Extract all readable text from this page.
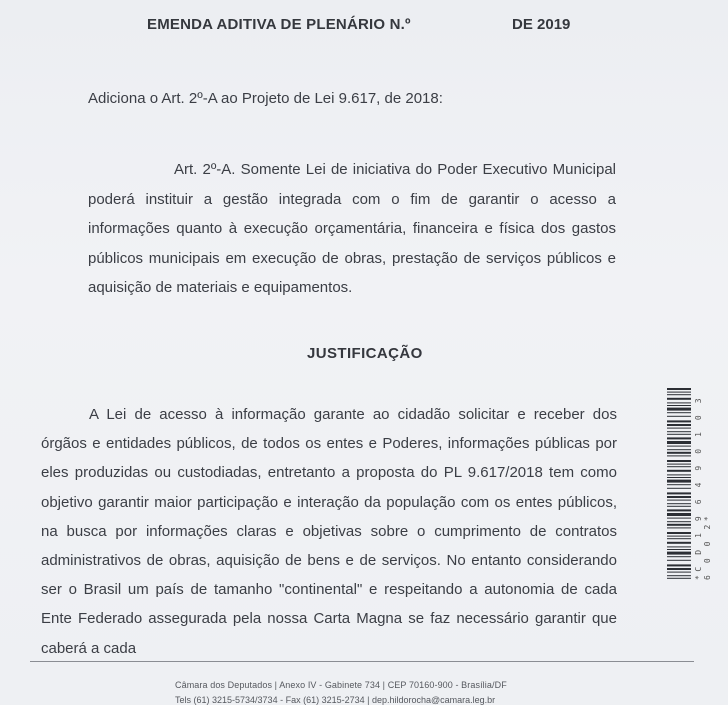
EMENDA ADITIVA DE PLENÁRIO N.º	DE 2019
Adiciona o Art. 2º-A ao Projeto de Lei 9.617, de 2018:

Art. 2º-A. Somente Lei de iniciativa do Poder Executivo Municipal poderá instituir a gestão integrada com o fim de garantir o acesso a informações quanto à execução orçamentária, financeira e física dos gastos públicos municipais em execução de obras, prestação de serviços públicos e aquisição de materiais e equipamentos.

JUSTIFICAÇÃO

A Lei de acesso à informação garante ao cidadão solicitar e receber dos órgãos e entidades públicos, de todos os entes e Poderes, informações públicas por eles produzidas ou custodiadas, entretanto a proposta do PL 9.617/2018 tem como objetivo garantir maior participação e interação da população com os entes públicos, na busca por informações claras e objetivas sobre o cumprimento de contratos administrativos de obras, aquisição de bens e de serviços. No entanto considerando ser o Brasil um país de tamanho "continental" e respeitando a autonomia de cada Ente Federado assegurada pela nossa Carta Magna se faz necessário garantir que caberá a cada

*C D 1 9 6 4 9 0 1 0 3 6 0 0 2*
Câmara dos Deputados | Anexo IV - Gabinete 734 | CEP 70160-900 - Brasília/DF
Tels (61) 3215-5734/3734 - Fax (61) 3215-2734 | dep.hildorocha@camara.leg.br
